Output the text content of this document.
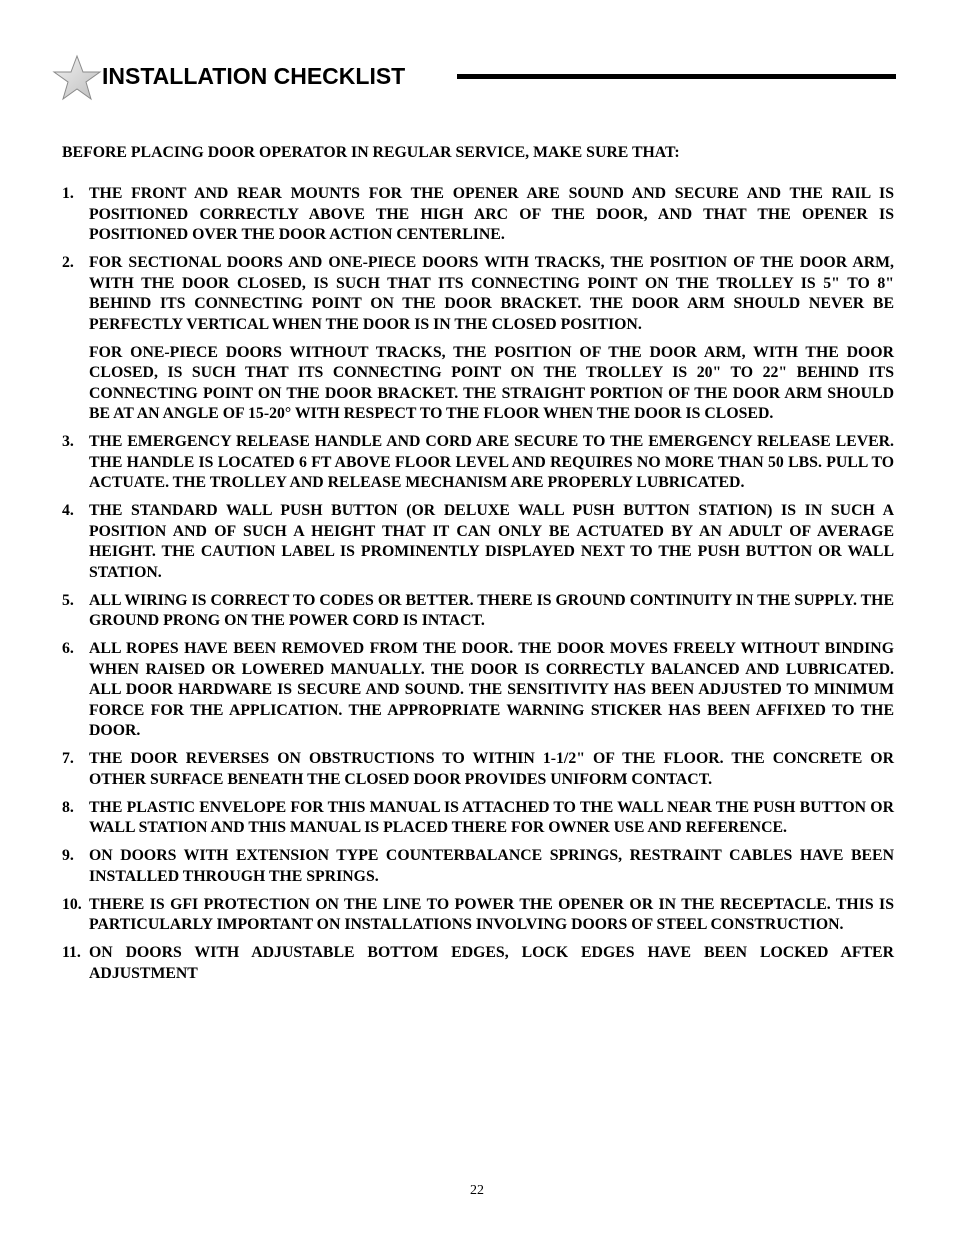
INSTALLATION CHECKLIST

BEFORE PLACING DOOR OPERATOR IN REGULAR SERVICE, MAKE SURE THAT:

1. THE FRONT AND REAR MOUNTS FOR THE OPENER ARE SOUND AND SECURE AND THE RAIL IS POSITIONED CORRECTLY ABOVE THE HIGH ARC OF THE DOOR, AND THAT THE OPENER IS POSITIONED OVER THE DOOR ACTION CENTERLINE.

2. FOR SECTIONAL DOORS AND ONE-PIECE DOORS WITH TRACKS, THE POSITION OF THE DOOR ARM, WITH THE DOOR CLOSED, IS SUCH THAT ITS CONNECTING POINT ON THE TROLLEY IS 5" TO 8" BEHIND ITS CONNECTING POINT ON THE DOOR BRACKET. THE DOOR ARM SHOULD NEVER BE PERFECTLY VERTICAL WHEN THE DOOR IS IN THE CLOSED POSITION.

FOR ONE-PIECE DOORS WITHOUT TRACKS, THE POSITION OF THE DOOR ARM, WITH THE DOOR CLOSED, IS SUCH THAT ITS CONNECTING POINT ON THE TROLLEY IS 20" TO 22" BEHIND ITS CONNECTING POINT ON THE DOOR BRACKET. THE STRAIGHT PORTION OF THE DOOR ARM SHOULD BE AT AN ANGLE OF 15-20° WITH RESPECT TO THE FLOOR WHEN THE DOOR IS CLOSED.

3. THE EMERGENCY RELEASE HANDLE AND CORD ARE SECURE TO THE EMERGENCY RELEASE LEVER. THE HANDLE IS LOCATED 6 FT ABOVE FLOOR LEVEL AND REQUIRES NO MORE THAN 50 LBS. PULL TO ACTUATE. THE TROLLEY AND RELEASE MECHANISM ARE PROPERLY LUBRICATED.

4. THE STANDARD WALL PUSH BUTTON (OR DELUXE WALL PUSH BUTTON STATION) IS IN SUCH A POSITION AND OF SUCH A HEIGHT THAT IT CAN ONLY BE ACTUATED BY AN ADULT OF AVERAGE HEIGHT. THE CAUTION LABEL IS PROMINENTLY DISPLAYED NEXT TO THE PUSH BUTTON OR WALL STATION.

5. ALL WIRING IS CORRECT TO CODES OR BETTER. THERE IS GROUND CONTINUITY IN THE SUPPLY. THE GROUND PRONG ON THE POWER CORD IS INTACT.

6. ALL ROPES HAVE BEEN REMOVED FROM THE DOOR. THE DOOR MOVES FREELY WITHOUT BINDING WHEN RAISED OR LOWERED MANUALLY. THE DOOR IS CORRECTLY BALANCED AND LUBRICATED. ALL DOOR HARDWARE IS SECURE AND SOUND. THE SENSITIVITY HAS BEEN ADJUSTED TO MINIMUM FORCE FOR THE APPLICATION. THE APPROPRIATE WARNING STICKER HAS BEEN AFFIXED TO THE DOOR.

7. THE DOOR REVERSES ON OBSTRUCTIONS TO WITHIN 1-1/2" OF THE FLOOR. THE CONCRETE OR OTHER SURFACE BENEATH THE CLOSED DOOR PROVIDES UNIFORM CONTACT.

8. THE PLASTIC ENVELOPE FOR THIS MANUAL IS ATTACHED TO THE WALL NEAR THE PUSH BUTTON OR WALL STATION AND THIS MANUAL IS PLACED THERE FOR OWNER USE AND REFERENCE.

9. ON DOORS WITH EXTENSION TYPE COUNTERBALANCE SPRINGS, RESTRAINT CABLES HAVE BEEN INSTALLED THROUGH THE SPRINGS.

10. THERE IS GFI PROTECTION ON THE LINE TO POWER THE OPENER OR IN THE RECEPTACLE. THIS IS PARTICULARLY IMPORTANT ON INSTALLATIONS INVOLVING DOORS OF STEEL CONSTRUCTION.

11. ON DOORS WITH ADJUSTABLE BOTTOM EDGES, LOCK EDGES HAVE BEEN LOCKED AFTER ADJUSTMENT

22
